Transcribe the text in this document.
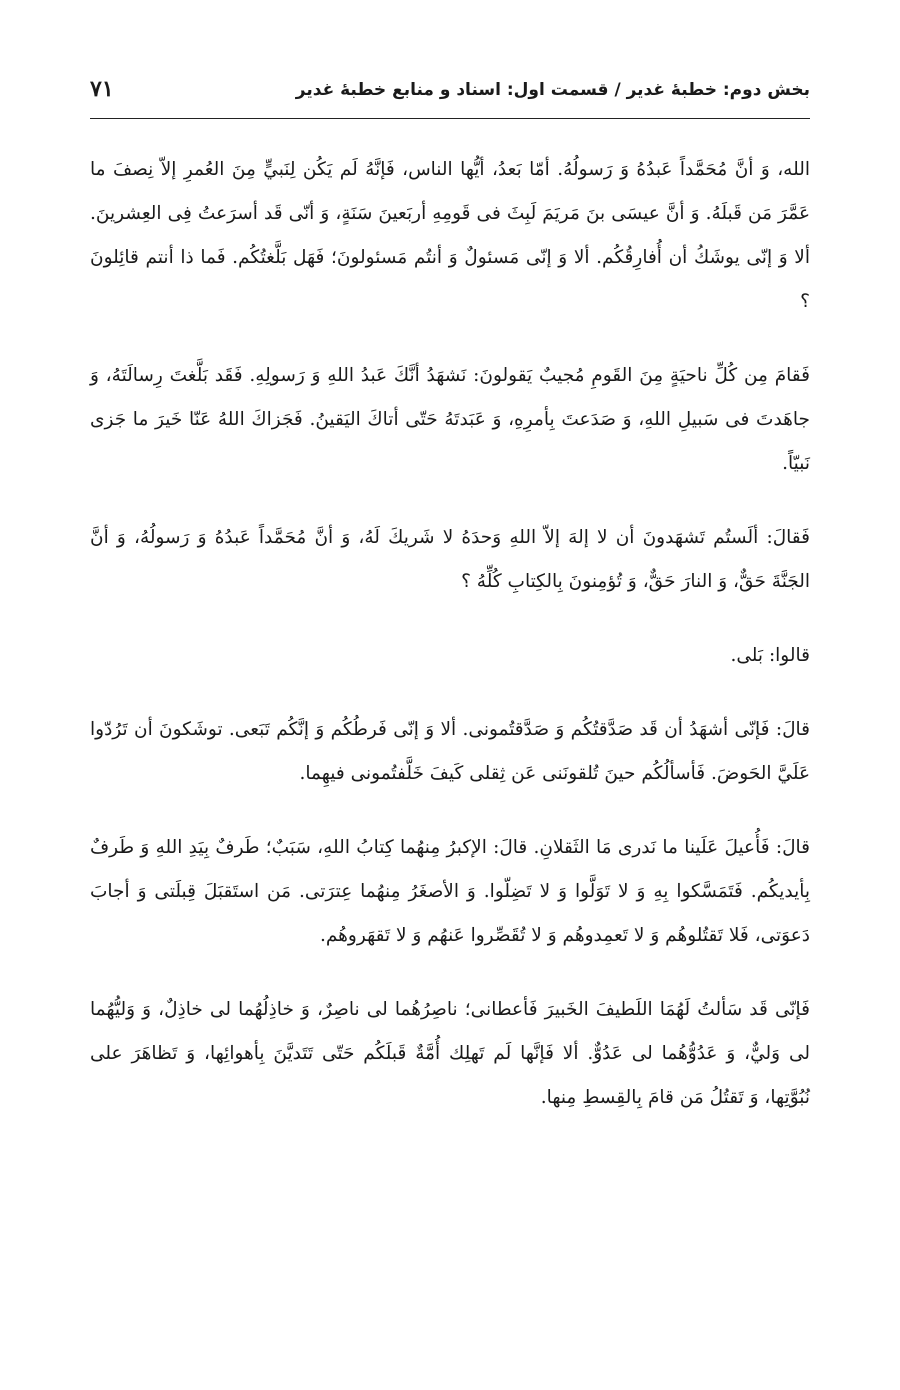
بخش دوم: خطبۀ غدیر / قسمت اول: اسناد و منابع خطبۀ غدیر
۷۱

الله، وَ أنَّ مُحَمَّداً عَبدُهُ وَ رَسولُهُ. أمّا بَعدُ، أيُّها الناس، فَإنَّهُ لَم يَكُن لِنَبيٍّ مِنَ العُمرِ إلاّ نِصفَ ما عَمَّرَ مَن قَبلَهُ. وَ أنَّ عيسَى بنَ مَريَمَ لَبِثَ فى قَومِهِ أربَعينَ سَنَةٍ، وَ أنّى قَد أسرَعتُ فِى العِشرينَ. ألا وَ إنّى يوشَكُ أن أُفارِقُكُم. ألا وَ إنّى مَسئولٌ وَ أنتُم مَسئولونَ؛ فَهَل بَلَّغتُكُم. فَما ذا أنتم قائِلونَ ؟

فَقامَ مِن كُلِّ ناحيَةٍ مِنَ القَومِ مُجيبٌ يَقولونَ: نَشهَدُ أنَّكَ عَبدُ اللهِ وَ رَسولِهِ. فَقَد بَلَّغتَ رِسالَتَهُ، وَ جاهَدتَ فى سَبيلِ اللهِ، وَ صَدَعتَ بِأمرِهِ، وَ عَبَدتَهُ حَتّى أتاكَ اليَقينُ. فَجَزاكَ اللهُ عَنّا خَيرَ ما جَزى نَبيّاً.

فَقالَ: ألَستُم تَشهَدونَ أن لا إلهَ إلاّ اللهِ وَحدَهُ لا شَريكَ لَهُ، وَ أنَّ مُحَمَّداً عَبدُهُ وَ رَسولُهُ، وَ أنَّ الجَنَّةَ حَقٌّ، وَ النارَ حَقٌّ، وَ تُؤمِنونَ بِالكِتابِ كُلِّهُ ؟

قالوا: بَلى.

قالَ: فَإنّى أشهَدُ أن قَد صَدَّقتُكُم وَ صَدَّقتُمونى. ألا وَ إنّى فَرطُكُم وَ إنَّكُم تَبَعى. توشَكونَ أن تَرُدّوا عَلَيَّ الحَوضَ. فَأسألُكُم حينَ تُلقونَنى عَن ثِقلى كَيفَ خَلَّفتُمونى فيهِما.

قالَ: فَأُعيلَ عَلَينا ما نَدرى مَا الثَقلانِ. قالَ: الإكبرُ مِنهُما كِتابُ اللهِ، سَبَبٌ؛ طَرفٌ بِيَدِ اللهِ وَ طَرفٌ بِأيديكُم. فَتَمَسَّكوا بِهِ وَ لا تَوَلَّوا وَ لا تَضِلّوا. وَ الأصغَرُ مِنهُما عِترَتى. مَن استَقبَلَ قِبلَتى وَ أجابَ دَعوَتى، فَلا تَقتُلوهُم وَ لا تَعمِدوهُم وَ لا تُقَصِّروا عَنهُم وَ لا تَقهَروهُم.

فَإنّى قَد سَألتُ لَهُمَا اللَطيفَ الخَبيرَ فَأعطانى؛ ناصِرُهُما لى ناصِرٌ، وَ خاذِلُهُما لى خاذِلٌ، وَ وَليُّهُما لى وَليٌّ، وَ عَدُوُّهُما لى عَدُوٌّ. ألا فَإنَّها لَم تَهلِك أُمَّةٌ قَبلَكُم حَتّى تَتَديَّنَ بِأهوائِها، وَ تَظاهَرَ على نُبُوَّتِها، وَ تَقتُلُ مَن قامَ بِالقِسطِ مِنها.
